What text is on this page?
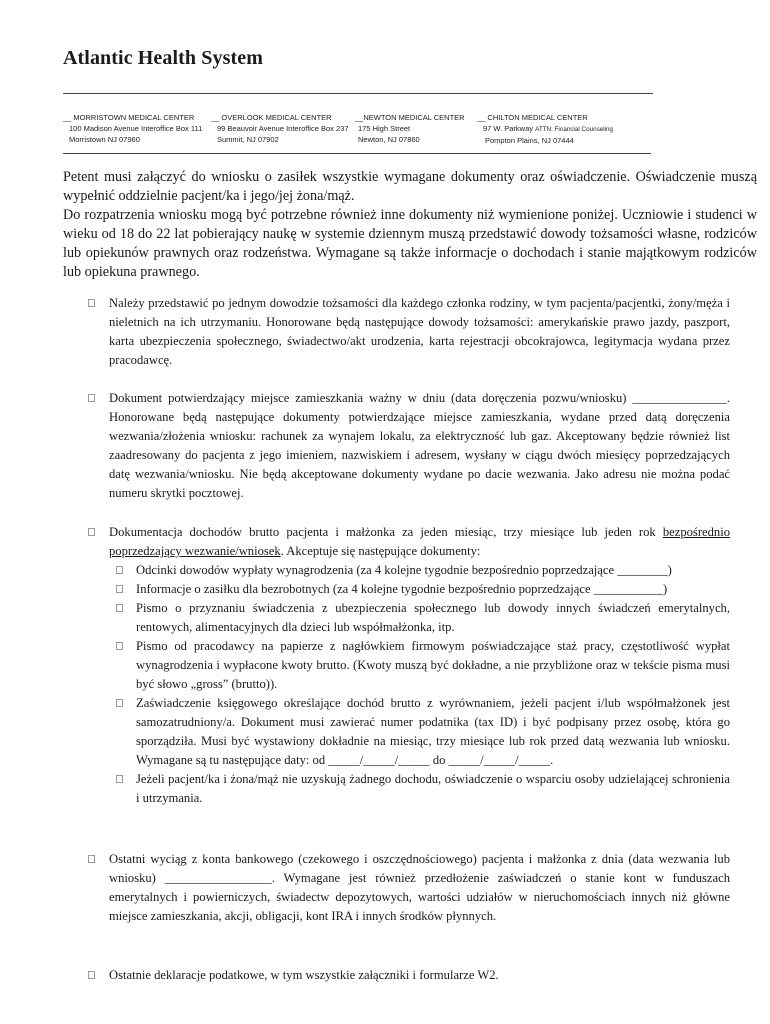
Atlantic Health System
__ MORRISTOWN MEDICAL CENTER
100 Madison Avenue Interoffice Box 111
Morristown NJ 07960
__ OVERLOOK MEDICAL CENTER
99 Beauvoir Avenue Interoffice Box 237
Summit, NJ 07902
__NEWTON MEDICAL CENTER
175 High Street
Newton, NJ 07860
__ CHILTON MEDICAL CENTER
97 W. Parkway ATTN: Financial Counseling
Pompton Plains, NJ 07444

Petent musi załączyć do wniosku o zasiłek wszystkie wymagane dokumenty oraz oświadczenie. Oświadczenie muszą wypełnić oddzielnie pacjent/ka i jego/jej żona/mąż.

Do rozpatrzenia wniosku mogą być potrzebne również inne dokumenty niż wymienione poniżej. Uczniowie i studenci w wieku od 18 do 22 lat pobierający naukę w systemie dziennym muszą przedstawić dowody tożsamości własne, rodziców lub opiekunów prawnych oraz rodzeństwa. Wymagane są także informacje o dochodach i stanie majątkowym rodziców lub opiekuna prawnego.

Należy przedstawić po jednym dowodzie tożsamości dla każdego członka rodziny, w tym pacjenta/pacjentki, żony/męża i nieletnich na ich utrzymaniu. Honorowane będą następujące dowody tożsamości: amerykańskie prawo jazdy, paszport, karta ubezpieczenia społecznego, świadectwo/akt urodzenia, karta rejestracji obcokrajowca, legitymacja wydana przez pracodawcę.
Dokument potwierdzający miejsce zamieszkania ważny w dniu (data doręczenia pozwu/wniosku) _______________. Honorowane będą następujące dokumenty potwierdzające miejsce zamieszkania, wydane przed datą doręczenia wezwania/złożenia wniosku: rachunek za wynajem lokalu, za elektryczność lub gaz. Akceptowany będzie również list zaadresowany do pacjenta z jego imieniem, nazwiskiem i adresem, wysłany w ciągu dwóch miesięcy poprzedzających datę wezwania/wniosku. Nie będą akceptowane dokumenty wydane po dacie wezwania. Jako adresu nie można podać numeru skrytki pocztowej.
Dokumentacja dochodów brutto pacjenta i małżonka za jeden miesiąc, trzy miesiące lub jeden rok bezpośrednio poprzedzający wezwanie/wniosek. Akceptuje się następujące dokumenty:
Odcinki dowodów wypłaty wynagrodzenia (za 4 kolejne tygodnie bezpośrednio poprzedzające ________)
Informacje o zasiłku dla bezrobotnych (za 4 kolejne tygodnie bezpośrednio poprzedzające ___________)
Pismo o przyznaniu świadczenia z ubezpieczenia społecznego lub dowody innych świadczeń emerytalnych, rentowych, alimentacyjnych dla dzieci lub współmałżonka, itp.
Pismo od pracodawcy na papierze z nagłówkiem firmowym poświadczające staż pracy, częstotliwość wypłat wynagrodzenia i wypłacone kwoty brutto. (Kwoty muszą być dokładne, a nie przybliżone oraz w tekście pisma musi być słowo „gross” (brutto)).
Zaświadczenie księgowego określające dochód brutto z wyrównaniem, jeżeli pacjent i/lub współmałżonek jest samozatrudniony/a. Dokument musi zawierać numer podatnika (tax ID) i być podpisany przez osobę, która go sporządziła. Musi być wystawiony dokładnie na miesiąc, trzy miesiące lub rok przed datą wezwania lub wniosku. Wymagane są tu następujące daty: od _____/_____/_____ do _____/_____/_____.
Jeżeli pacjent/ka i żona/mąż nie uzyskują żadnego dochodu, oświadczenie o wsparciu osoby udzielającej schronienia i utrzymania.
Ostatni wyciąg z konta bankowego (czekowego i oszczędnościowego) pacjenta i małżonka z dnia (data wezwania lub wniosku) _________________. Wymagane jest również przedłożenie zaświadczeń o stanie kont w funduszach emerytalnych i powierniczych, świadectw depozytowych, wartości udziałów w nieruchomościach innych niż główne miejsce zamieszkania, akcji, obligacji, kont IRA i innych środków płynnych.
Ostatnie deklaracje podatkowe, w tym wszystkie załączniki i formularze W2.
